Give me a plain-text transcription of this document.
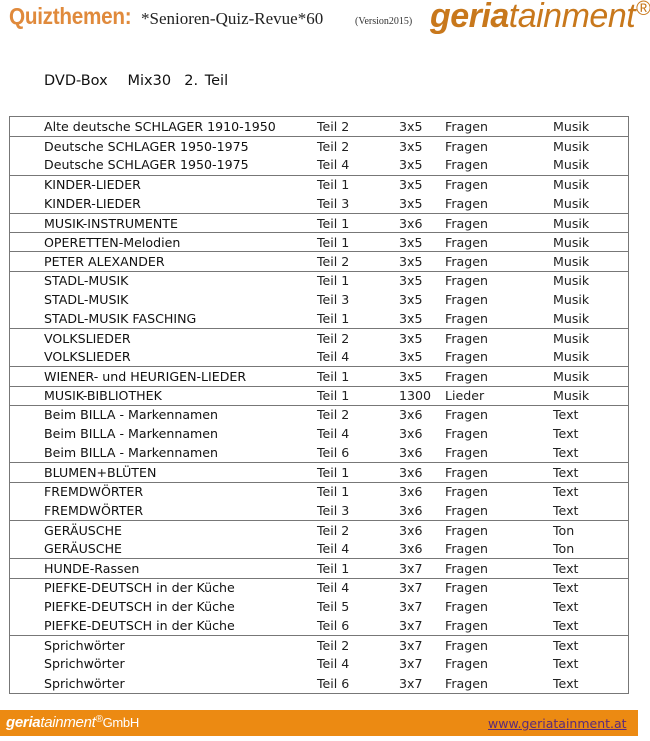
Quizthemen: *Senioren-Quiz-Revue*60	(Version2015) geriatainment®
DVD-Box Mix30 2. Teil
Alte deutsche SCHLAGER 1910-1950	Teil 2	3x5 Fragen	Musik
Deutsche SCHLAGER 1950-1975	Teil 2	3x5 Fragen	Musik
Deutsche SCHLAGER 1950-1975	Teil 4	3x5 Fragen	Musik
KINDER-LIEDER	Teil 1	3x5 Fragen	Musik
KINDER-LIEDER	Teil 3	3x5 Fragen	Musik
MUSIK-INSTRUMENTE	Teil 1	3x6 Fragen	Musik
OPERETTEN-Melodien	Teil 1	3x5 Fragen	Musik
PETER ALEXANDER	Teil 2	3x5 Fragen	Musik
STADL-MUSIK	Teil 1	3x5 Fragen	Musik
STADL-MUSIK	Teil 3	3x5 Fragen	Musik
STADL-MUSIK FASCHING	Teil 1	3x5 Fragen	Musik
VOLKSLIEDER	Teil 2	3x5 Fragen	Musik
VOLKSLIEDER	Teil 4	3x5 Fragen	Musik
WIENER- und HEURIGEN-LIEDER	Teil 1	3x5 Fragen	Musik
MUSIK-BIBLIOTHEK	Teil 1	1300 Lieder	Musik
Beim BILLA - Markennamen	Teil 2	3x6 Fragen	Text
Beim BILLA - Markennamen	Teil 4	3x6 Fragen	Text
Beim BILLA - Markennamen	Teil 6	3x6 Fragen	Text
BLUMEN+BLÜTEN	Teil 1	3x6 Fragen	Text
FREMDWÖRTER	Teil 1	3x6 Fragen	Text
FREMDWÖRTER	Teil 3	3x6 Fragen	Text
GERÄUSCHE	Teil 2	3x6 Fragen	Ton
GERÄUSCHE	Teil 4	3x6 Fragen	Ton
HUNDE-Rassen	Teil 1	3x7 Fragen	Text
PIEFKE-DEUTSCH in der Küche	Teil 4	3x7 Fragen	Text
PIEFKE-DEUTSCH in der Küche	Teil 5	3x7 Fragen	Text
PIEFKE-DEUTSCH in der Küche	Teil 6	3x7 Fragen	Text
Sprichwörter	Teil 2	3x7 Fragen	Text
Sprichwörter	Teil 4	3x7 Fragen	Text
Sprichwörter	Teil 6	3x7 Fragen	Text
geriatainment®GmbH	www.geriatainment.at
